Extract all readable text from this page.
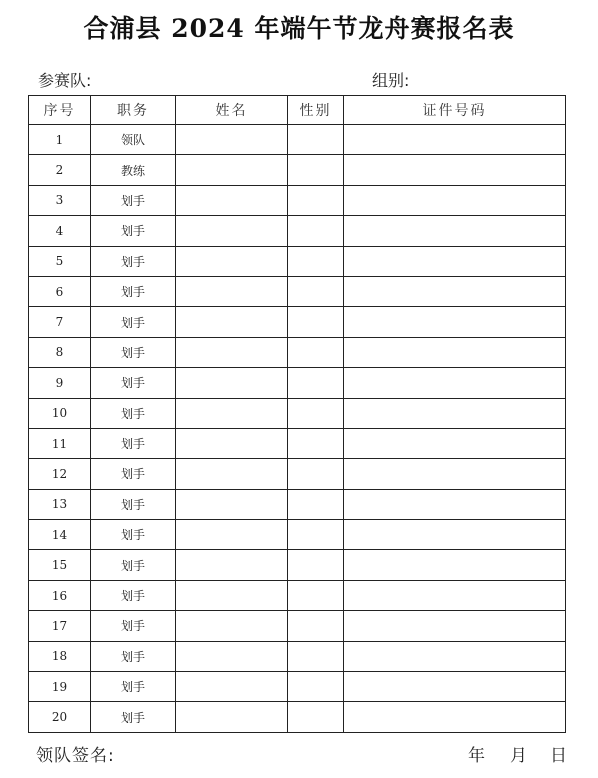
合浦县 2024 年端午节龙舟赛报名表
参赛队:	组别:
序号	职务	姓名	性别	证件号码
1	领队			
2	教练			
3	划手			
4	划手			
5	划手			
6	划手			
7	划手			
8	划手			
9	划手			
10	划手			
11	划手			
12	划手			
13	划手			
14	划手			
15	划手			
16	划手			
17	划手			
18	划手			
19	划手			
20	划手			
领队签名:	年 月 日
